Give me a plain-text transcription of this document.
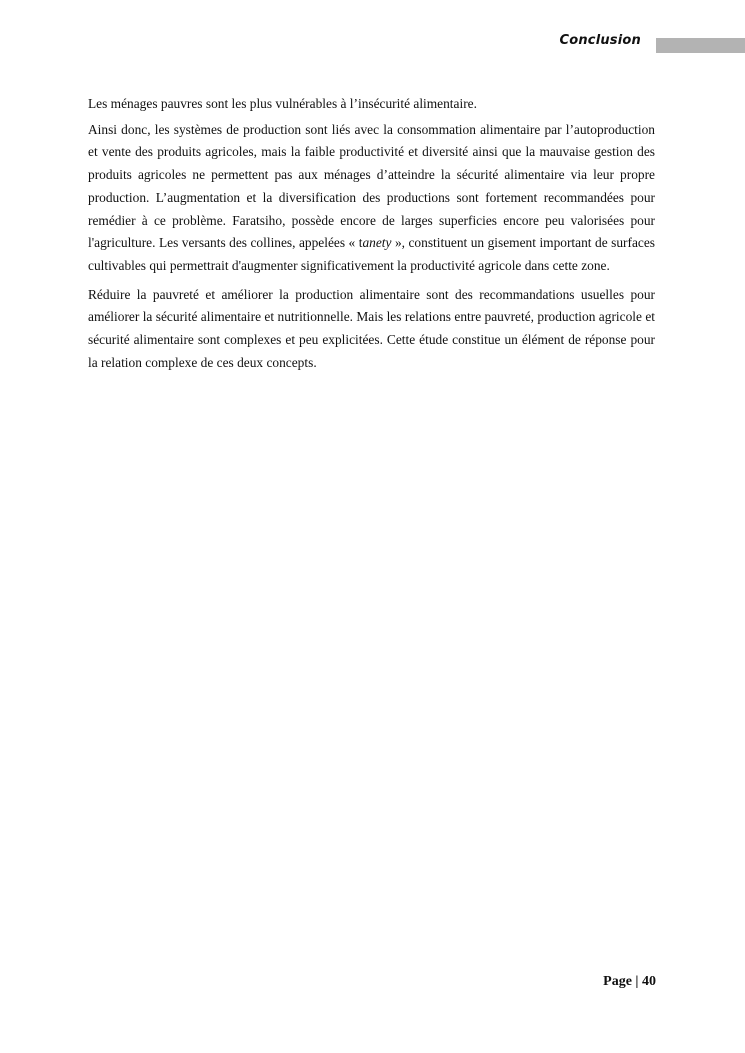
Conclusion

Les ménages pauvres sont les plus vulnérables à l’insécurité alimentaire.

Ainsi donc, les systèmes de production sont liés avec la consommation alimentaire par l’autoproduction et vente des produits agricoles, mais la faible productivité et diversité ainsi que la mauvaise gestion des produits agricoles ne permettent pas aux ménages d’atteindre la sécurité alimentaire via leur propre production. L’augmentation et la diversification des productions sont fortement recommandées pour remédier à ce problème. Faratsiho, possède encore de larges superficies encore peu valorisées pour l'agriculture. Les versants des collines, appelées « tanety », constituent un gisement important de surfaces cultivables qui permettrait d'augmenter significativement la productivité agricole dans cette zone.

Réduire la pauvreté et améliorer la production alimentaire sont des recommandations usuelles pour améliorer la sécurité alimentaire et nutritionnelle. Mais les relations entre pauvreté, production agricole et sécurité alimentaire sont complexes et peu explicitées. Cette étude constitue un élément de réponse pour la relation complexe de ces deux concepts.

Page | 40
